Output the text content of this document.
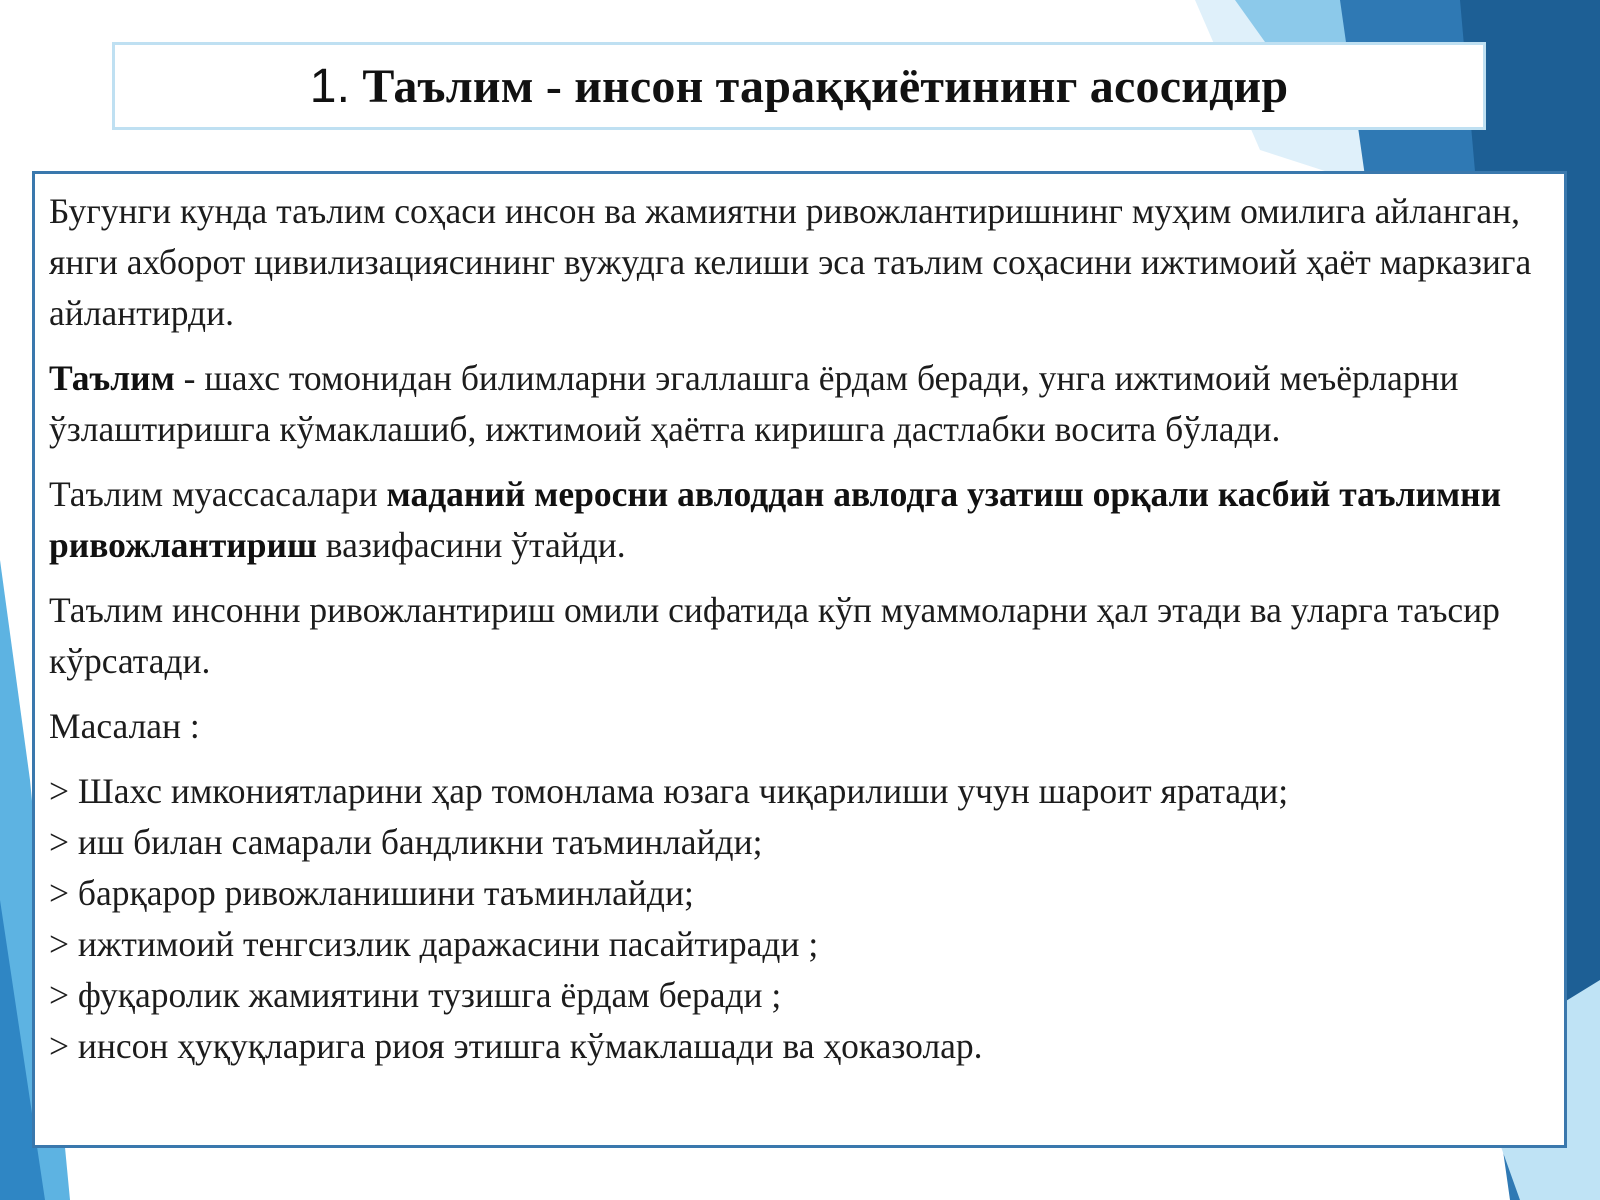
1. Таълим - инсон тараққиётининг асосидир

Бугунги кунда таълим соҳаси инсон ва жамиятни ривожлантиришнинг муҳим омилига айланган, янги ахборот цивилизациясининг вужудга келиши эса таълим соҳасини ижтимоий ҳаёт марказига айлантирди.

Таълим - шахс томонидан билимларни эгаллашга ёрдам беради, унга ижтимоий меъёрларни ўзлаштиришга кўмаклашиб, ижтимоий ҳаётга киришга дастлабки восита бўлади.

Таълим муассасалари маданий меросни авлоддан авлодга узатиш орқали касбий таълимни ривожлантириш вазифасини ўтайди.

Таълим инсонни ривожлантириш омили сифатида кўп муаммоларни ҳал этади ва уларга таъсир кўрсатади.

Масалан :

> Шахс имкониятларини ҳар томонлама юзага чиқарилиши учун шароит яратади;
> иш билан самарали бандликни таъминлайди;
> барқарор ривожланишини таъминлайди;
> ижтимоий тенгсизлик даражасини пасайтиради ;
> фуқаролик жамиятини тузишга ёрдам беради ;
> инсон ҳуқуқларига риоя этишга кўмаклашади ва ҳоказолар.
